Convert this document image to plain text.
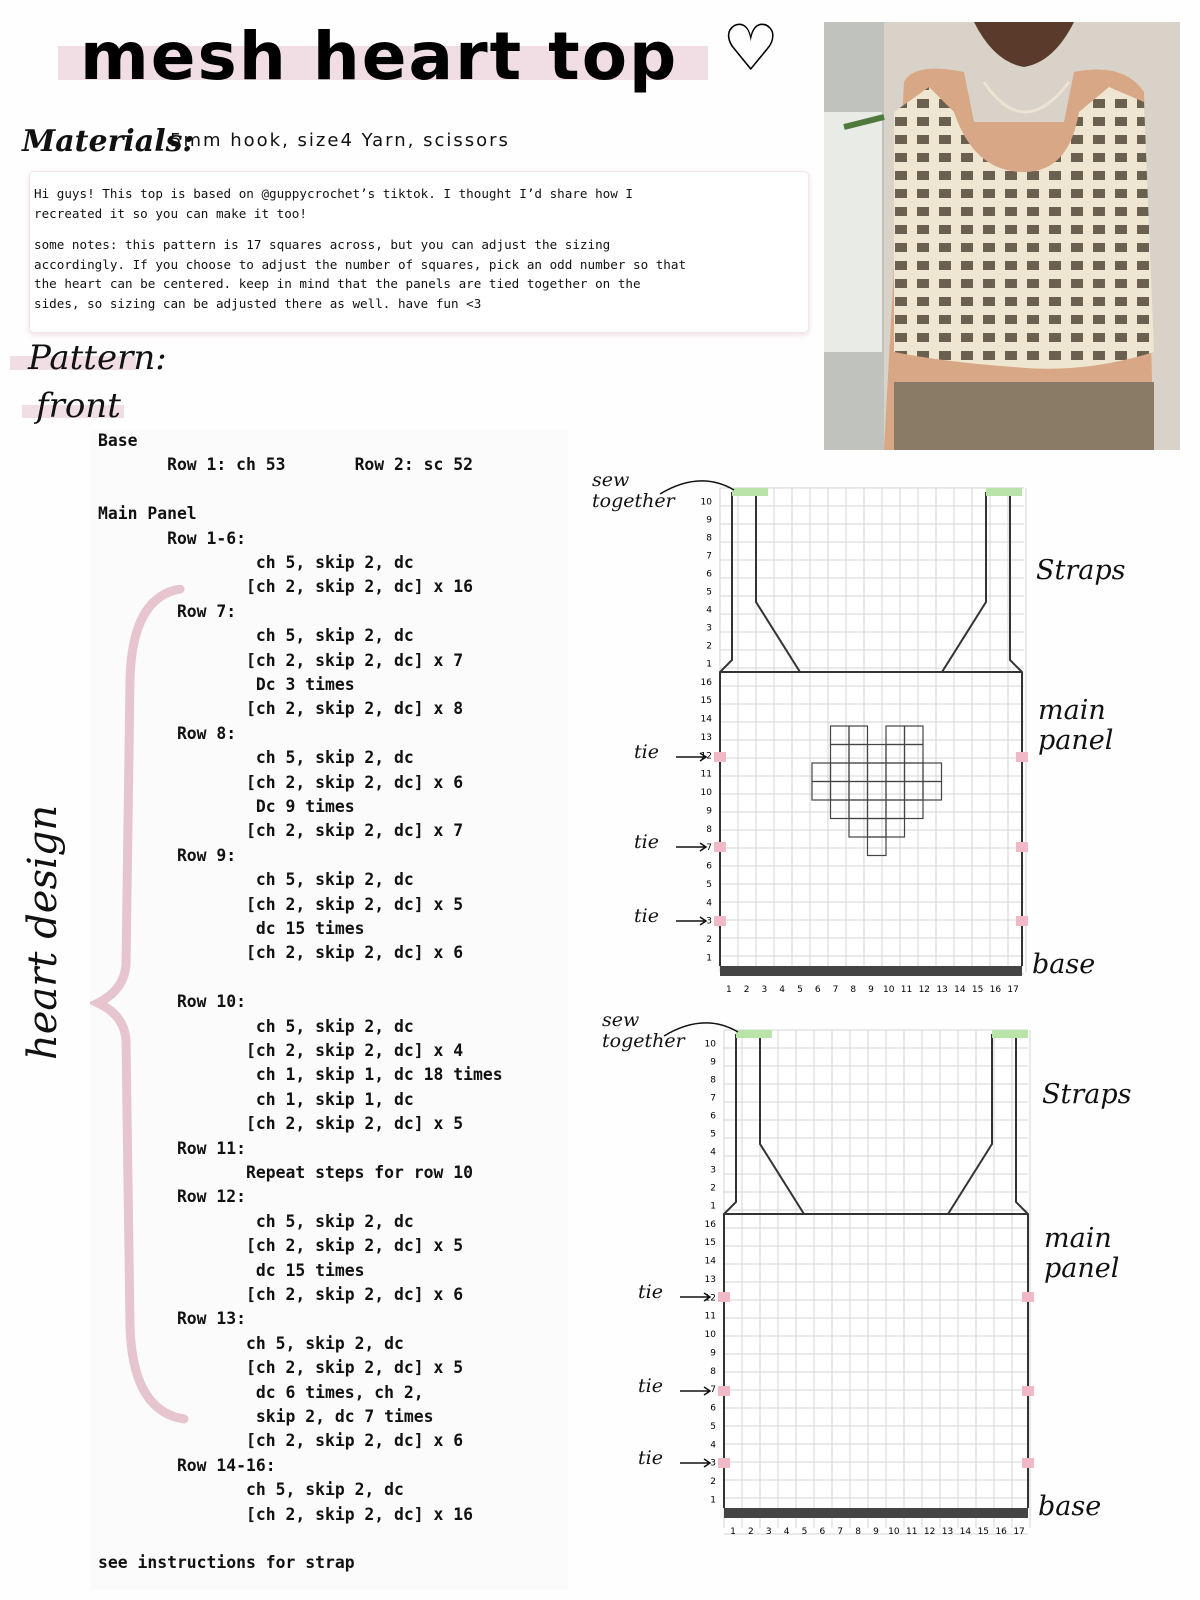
mesh heart top ♡
Materials:
5mm hook, size4 Yarn, scissors

Hi guys! This top is based on @guppycrochet’s tiktok. I thought I’d share how I
recreated it so you can make it too!

some notes: this pattern is 17 squares across, but you can adjust the sizing
accordingly. If you choose to adjust the number of squares, pick an odd number so that
the heart can be centered. keep in mind that the panels are tied together on the
sides, so sizing can be adjusted there as well. have fun <3

Pattern:
front
Base
Row 1: ch 53       Row 2: sc 52
Main Panel
Row 1-6:
ch 5, skip 2, dc
[ch 2, skip 2, dc] x 16
Row 7:
ch 5, skip 2, dc
[ch 2, skip 2, dc] x 7
Dc 3 times
[ch 2, skip 2, dc] x 8
Row 8:
ch 5, skip 2, dc
[ch 2, skip 2, dc] x 6
Dc 9 times
[ch 2, skip 2, dc] x 7
Row 9:
ch 5, skip 2, dc
[ch 2, skip 2, dc] x 5
dc 15 times
[ch 2, skip 2, dc] x 6
Row 10:
ch 5, skip 2, dc
[ch 2, skip 2, dc] x 4
ch 1, skip 1, dc 18 times
ch 1, skip 1, dc
[ch 2, skip 2, dc] x 5
Row 11:
Repeat steps for row 10
Row 12:
ch 5, skip 2, dc
[ch 2, skip 2, dc] x 5
dc 15 times
[ch 2, skip 2, dc] x 6
Row 13:
ch 5, skip 2, dc
[ch 2, skip 2, dc] x 5
dc 6 times, ch 2,
skip 2, dc 7 times
[ch 2, skip 2, dc] x 6
Row 14-16:
ch 5, skip 2, dc
[ch 2, skip 2, dc] x 16
see instructions for strap
heart design
10
9
8
7
6
5
4
3
2
1
16
15
14
13
12
11
10
9
8
7
6
5
4
3
2
1
1 2 3 4 5 6 7 8 9 10 11 12 13 14 15 16 17
sew
together
Straps
main
panel
base
tie
tie
tie
10
9
8
7
6
5
4
3
2
1
16
15
14
13
12
11
10
9
8
7
6
5
4
3
2
1
1 2 3 4 5 6 7 8 9 10 11 12 13 14 15 16 17
sew
together
Straps
main
panel
base
tie
tie
tie
